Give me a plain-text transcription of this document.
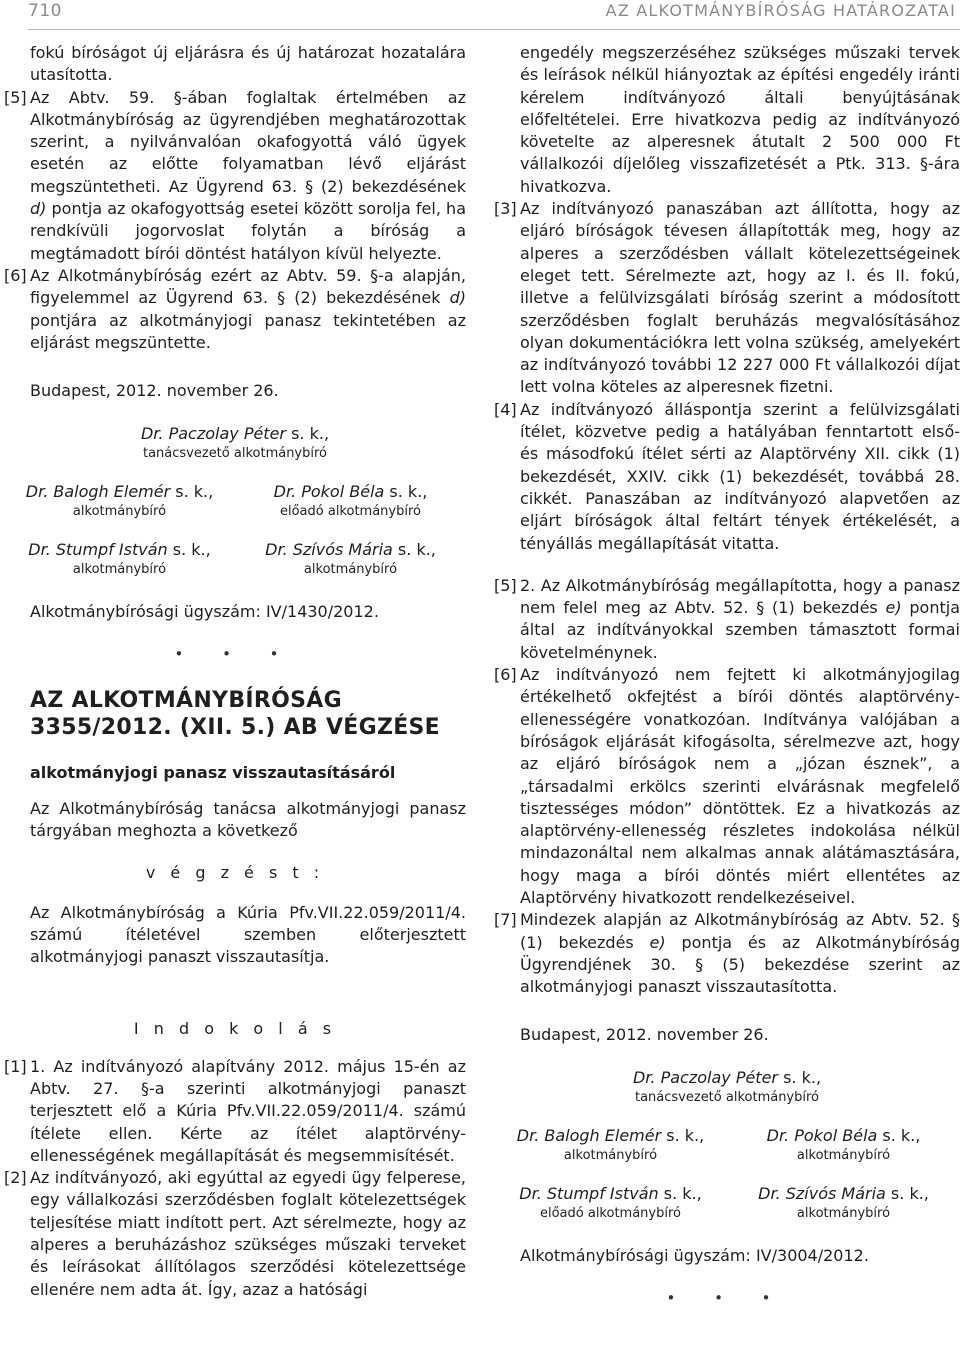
710	AZ ALKOTMÁNYBÍRÓSÁG HATÁROZATAI
fokú bíróságot új eljárásra és új határozat hozatalára utasította.
[5] Az Abtv. 59. §-ában foglaltak értelmében az Alkotmánybíróság az ügyrendjében meghatározottak szerint, a nyilvánvalóan okafogyottá váló ügyek esetén az előtte folyamatban lévő eljárást megszüntetheti. Az Ügyrend 63. § (2) bekezdésének d) pontja az okafogyottság esetei között sorolja fel, ha rendkívüli jogorvoslat folytán a bíróság a megtámadott bírói döntést hatályon kívül helyezte.
[6] Az Alkotmánybíróság ezért az Abtv. 59. §-a alapján, figyelemmel az Ügyrend 63. § (2) bekezdésének d) pontjára az alkotmányjogi panasz tekintetében az eljárást megszüntette.
Budapest, 2012. november 26.
Dr. Paczolay Péter s. k.,
tanácsvezető alkotmánybíró
Dr. Balogh Elemér s. k.,
alkotmánybíró
Dr. Pokol Béla s. k.,
előadó alkotmánybíró
Dr. Stumpf István s. k.,
alkotmánybíró
Dr. Szívós Mária s. k.,
alkotmánybíró
Alkotmánybírósági ügyszám: IV/1430/2012.
• • •
AZ ALKOTMÁNYBÍRÓSÁG
3355/2012. (XII. 5.) AB VÉGZÉSE
alkotmányjogi panasz visszautasításáról
Az Alkotmánybíróság tanácsa alkotmányjogi panasz tárgyában meghozta a következő
v é g z é s t :
Az Alkotmánybíróság a Kúria Pfv.VII.22.059/2011/4. számú ítéletével szemben előterjesztett alkotmányjogi panaszt visszautasítja.
I n d o k o l á s
[1] 1. Az indítványozó alapítvány 2012. május 15-én az Abtv. 27. §-a szerinti alkotmányjogi panaszt terjesztett elő a Kúria Pfv.VII.22.059/2011/4. számú ítélete ellen. Kérte az ítélet alaptörvény-ellenességének megállapítását és megsemmisítését.
[2] Az indítványozó, aki egyúttal az egyedi ügy felperese, egy vállalkozási szerződésben foglalt kötelezettségek teljesítése miatt indított pert. Azt sérelmezte, hogy az alperes a beruházáshoz szükséges műszaki terveket és leírásokat állítólagos szerződési kötelezettsége ellenére nem adta át. Így, azaz a hatósági
engedély megszerzéséhez szükséges műszaki tervek és leírások nélkül hiányoztak az építési engedély iránti kérelem indítványozó általi benyújtásának előfeltételei. Erre hivatkozva pedig az indítványozó követelte az alperesnek átutalt 2 500 000 Ft vállalkozói díjelőleg visszafizetését a Ptk. 313. §-ára hivatkozva.
[3] Az indítványozó panaszában azt állította, hogy az eljáró bíróságok tévesen állapították meg, hogy az alperes a szerződésben vállalt kötelezettségeinek eleget tett. Sérelmezte azt, hogy az I. és II. fokú, illetve a felülvizsgálati bíróság szerint a módosított szerződésben foglalt beruházás megvalósításához olyan dokumentációkra lett volna szükség, amelyekért az indítványozó további 12 227 000 Ft vállalkozói díjat lett volna köteles az alperesnek fizetni.
[4] Az indítványozó álláspontja szerint a felülvizsgálati ítélet, közvetve pedig a hatályában fenntartott első- és másodfokú ítélet sérti az Alaptörvény XII. cikk (1) bekezdését, XXIV. cikk (1) bekezdését, továbbá 28. cikkét. Panaszában az indítványozó alapvetően az eljárt bíróságok által feltárt tények értékelését, a tényállás megállapítását vitatta.
[5] 2. Az Alkotmánybíróság megállapította, hogy a panasz nem felel meg az Abtv. 52. § (1) bekezdés e) pontja által az indítványokkal szemben támasztott formai követelménynek.
[6] Az indítványozó nem fejtett ki alkotmányjogilag értékelhető okfejtést a bírói döntés alaptörvény-ellenességére vonatkozóan. Indítványa valójában a bíróságok eljárását kifogásolta, sérelmezve azt, hogy az eljáró bíróságok nem a „józan észnek”, a „társadalmi erkölcs szerinti elvárásnak megfelelő tisztességes módon” döntöttek. Ez a hivatkozás az alaptörvény-ellenesség részletes indokolása nélkül mindazonáltal nem alkalmas annak alátámasztására, hogy maga a bírói döntés miért ellentétes az Alaptörvény hivatkozott rendelkezéseivel.
[7] Mindezek alapján az Alkotmánybíróság az Abtv. 52. § (1) bekezdés e) pontja és az Alkotmánybíróság Ügyrendjének 30. § (5) bekezdése szerint az alkotmányjogi panaszt visszautasította.
Budapest, 2012. november 26.
Dr. Paczolay Péter s. k.,
tanácsvezető alkotmánybíró
Dr. Balogh Elemér s. k.,
alkotmánybíró
Dr. Pokol Béla s. k.,
alkotmánybíró
Dr. Stumpf István s. k.,
előadó alkotmánybíró
Dr. Szívós Mária s. k.,
alkotmánybíró
Alkotmánybírósági ügyszám: IV/3004/2012.
• • •
